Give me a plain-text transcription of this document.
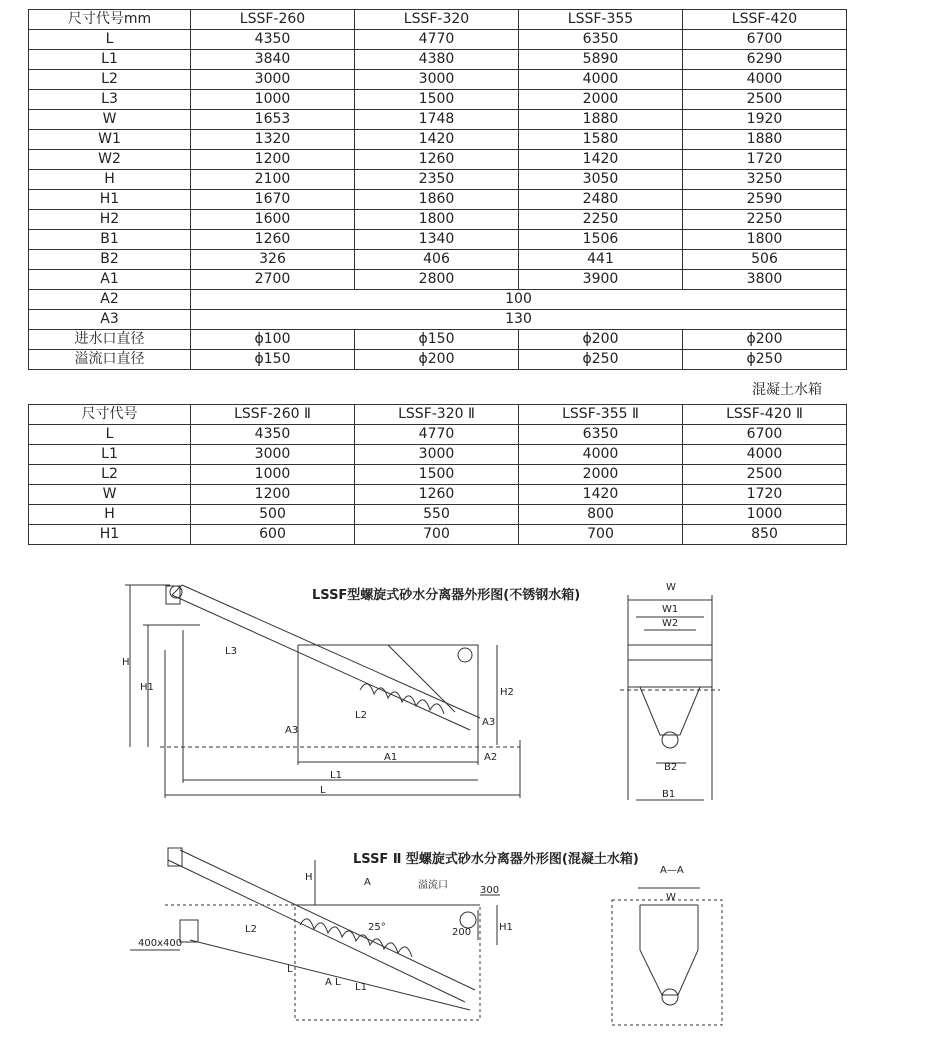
尺寸代号mm	LSSF-260	LSSF-320	LSSF-355	LSSF-420
L	4350	4770	6350	6700
L1	3840	4380	5890	6290
L2	3000	3000	4000	4000
L3	1000	1500	2000	2500
W	1653	1748	1880	1920
W1	1320	1420	1580	1880
W2	1200	1260	1420	1720
H	2100	2350	3050	3250
H1	1670	1860	2480	2590
H2	1600	1800	2250	2250
B1	1260	1340	1506	1800
B2	326	406	441	506
A1	2700	2800	3900	3800
A2	100			
A3	130			
进水口直径	ϕ100	ϕ150	ϕ200	ϕ200
溢流口直径	ϕ150	ϕ200	ϕ250	ϕ250
混凝土水箱
尺寸代号	LSSF-260 Ⅱ	LSSF-320 Ⅱ	LSSF-355 Ⅱ	LSSF-420 Ⅱ
L	4350	4770	6350	6700
L1	3000	3000	4000	4000
L2	1000	1500	2000	2500
W	1200	1260	1420	1720
H	500	550	800	1000
H1	600	700	700	850
LSSF型螺旋式砂水分离器外形图(不锈钢水箱)
LSSF Ⅱ 型螺旋式砂水分离器外形图(混凝土水箱)
H
H1	H2
L3
L2
A3
A3
A1	A2
L1
L
W
W1
W2
B2
B1
H	A	溢流口	300
200	H1
25°
400x400
L2
L
A L L1
A—A
W
